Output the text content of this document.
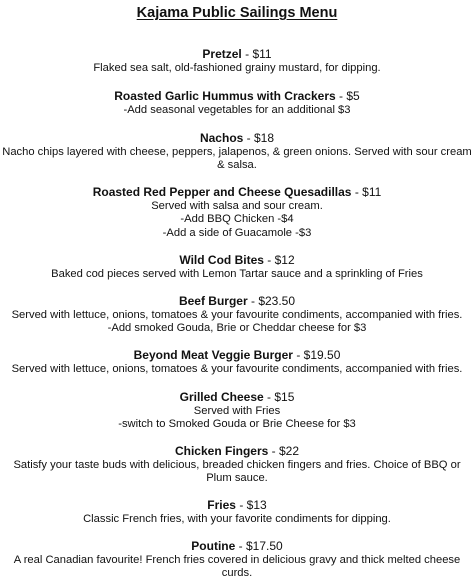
Kajama Public Sailings Menu
Pretzel - $11
Flaked sea salt, old-fashioned grainy mustard, for dipping.
Roasted Garlic Hummus with Crackers - $5
-Add seasonal vegetables for an additional $3
Nachos - $18
Nacho chips layered with cheese, peppers, jalapenos, & green onions. Served with sour cream & salsa.
Roasted Red Pepper and Cheese Quesadillas - $11
Served with salsa and sour cream.
-Add BBQ Chicken -$4
-Add a side of Guacamole -$3
Wild Cod Bites - $12
Baked cod pieces served with Lemon Tartar sauce and a sprinkling of Fries
Beef Burger - $23.50
Served with lettuce, onions, tomatoes & your favourite condiments, accompanied with fries.
-Add smoked Gouda, Brie or Cheddar cheese for $3
Beyond Meat Veggie Burger - $19.50
Served with lettuce, onions, tomatoes & your favourite condiments, accompanied with fries.
Grilled Cheese - $15
Served with Fries
-switch to Smoked Gouda or Brie Cheese for $3
Chicken Fingers - $22
Satisfy your taste buds with delicious, breaded chicken fingers and fries. Choice of BBQ or Plum sauce.
Fries - $13
Classic French fries, with your favorite condiments for dipping.
Poutine - $17.50
A real Canadian favourite! French fries covered in delicious gravy and thick melted cheese curds.
